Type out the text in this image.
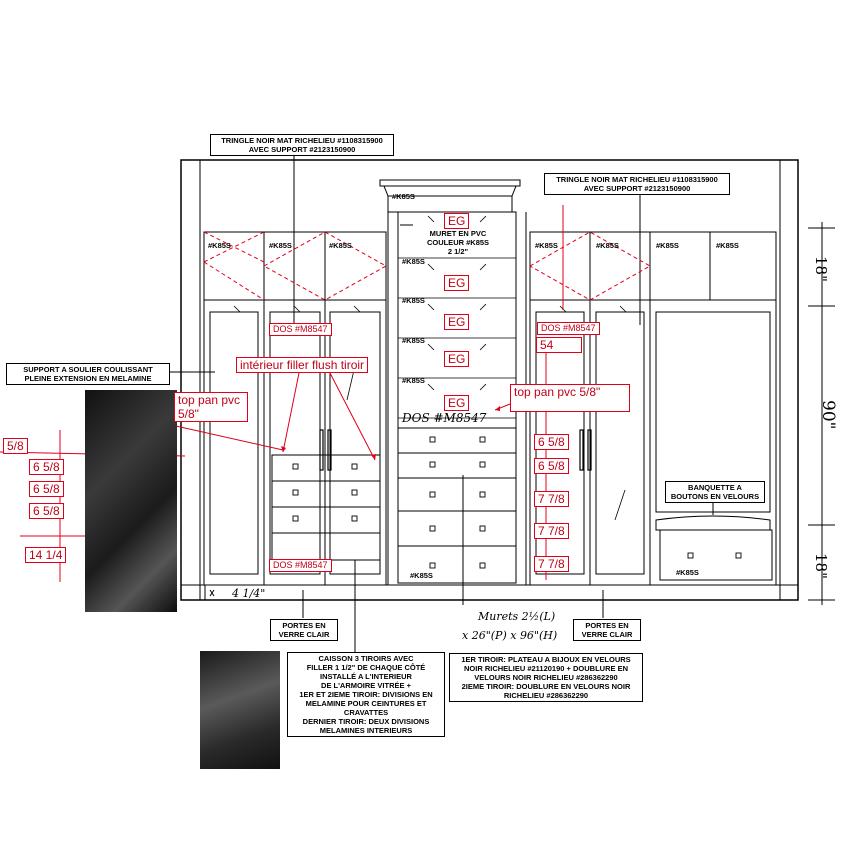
TRINGLE NOIR MAT RICHELIEU #1108315900
AVEC SUPPORT #2123150900
TRINGLE NOIR MAT RICHELIEU #1108315900
AVEC SUPPORT #2123150900
SUPPORT A SOULIER COULISSANT
PLEINE EXTENSION EN MELAMINE
BANQUETTE A
BOUTONS EN VELOURS
PORTES EN
VERRE CLAIR
PORTES EN
VERRE CLAIR
CAISSON 3 TIROIRS AVEC
FILLER 1 1/2" DE CHAQUE CÔTÉ
INSTALLÉ A L'INTERIEUR
DE L'ARMOIRE VITRÉE +
1ER ET 2IEME TIROIR: DIVISIONS EN
MELAMINE POUR CEINTURES ET
CRAVATTES
DERNIER TIROIR: DEUX DIVISIONS
MELAMINES INTERIEURS
1ER TIROIR: PLATEAU A BIJOUX EN VELOURS
NOIR RICHELIEU #21120190 + DOUBLURE EN
VELOURS NOIR RICHELIEU #286362290
2IEME TIROIR: DOUBLURE EN VELOURS NOIR
RICHELIEU #286362290
MURET EN PVC
COULEUR #K85S
2 1/2"
#K85S
#K85S	#K85S	#K85S	#K85S	#K85S	#K85S	#K85S
#K85S
#K85S
#K85S
#K85S
#K85S	#K85S
EG
EG
EG
EG
EG
DOS #M8547	DOS #M8547
DOS #M8547
intérieur filler flush tiroir
top pan pvc
5/8"
top pan pvc 5/8"
5/8
6 5/8
6 5/8
6 5/8
14 1/4
54
6 5/8
6 5/8
7 7/8
7 7/8
7 7/8
18"
90"
18"
4 1/4"
DOS #M8547
Murets 2½(L)
x 26"(P) x 96"(H)
